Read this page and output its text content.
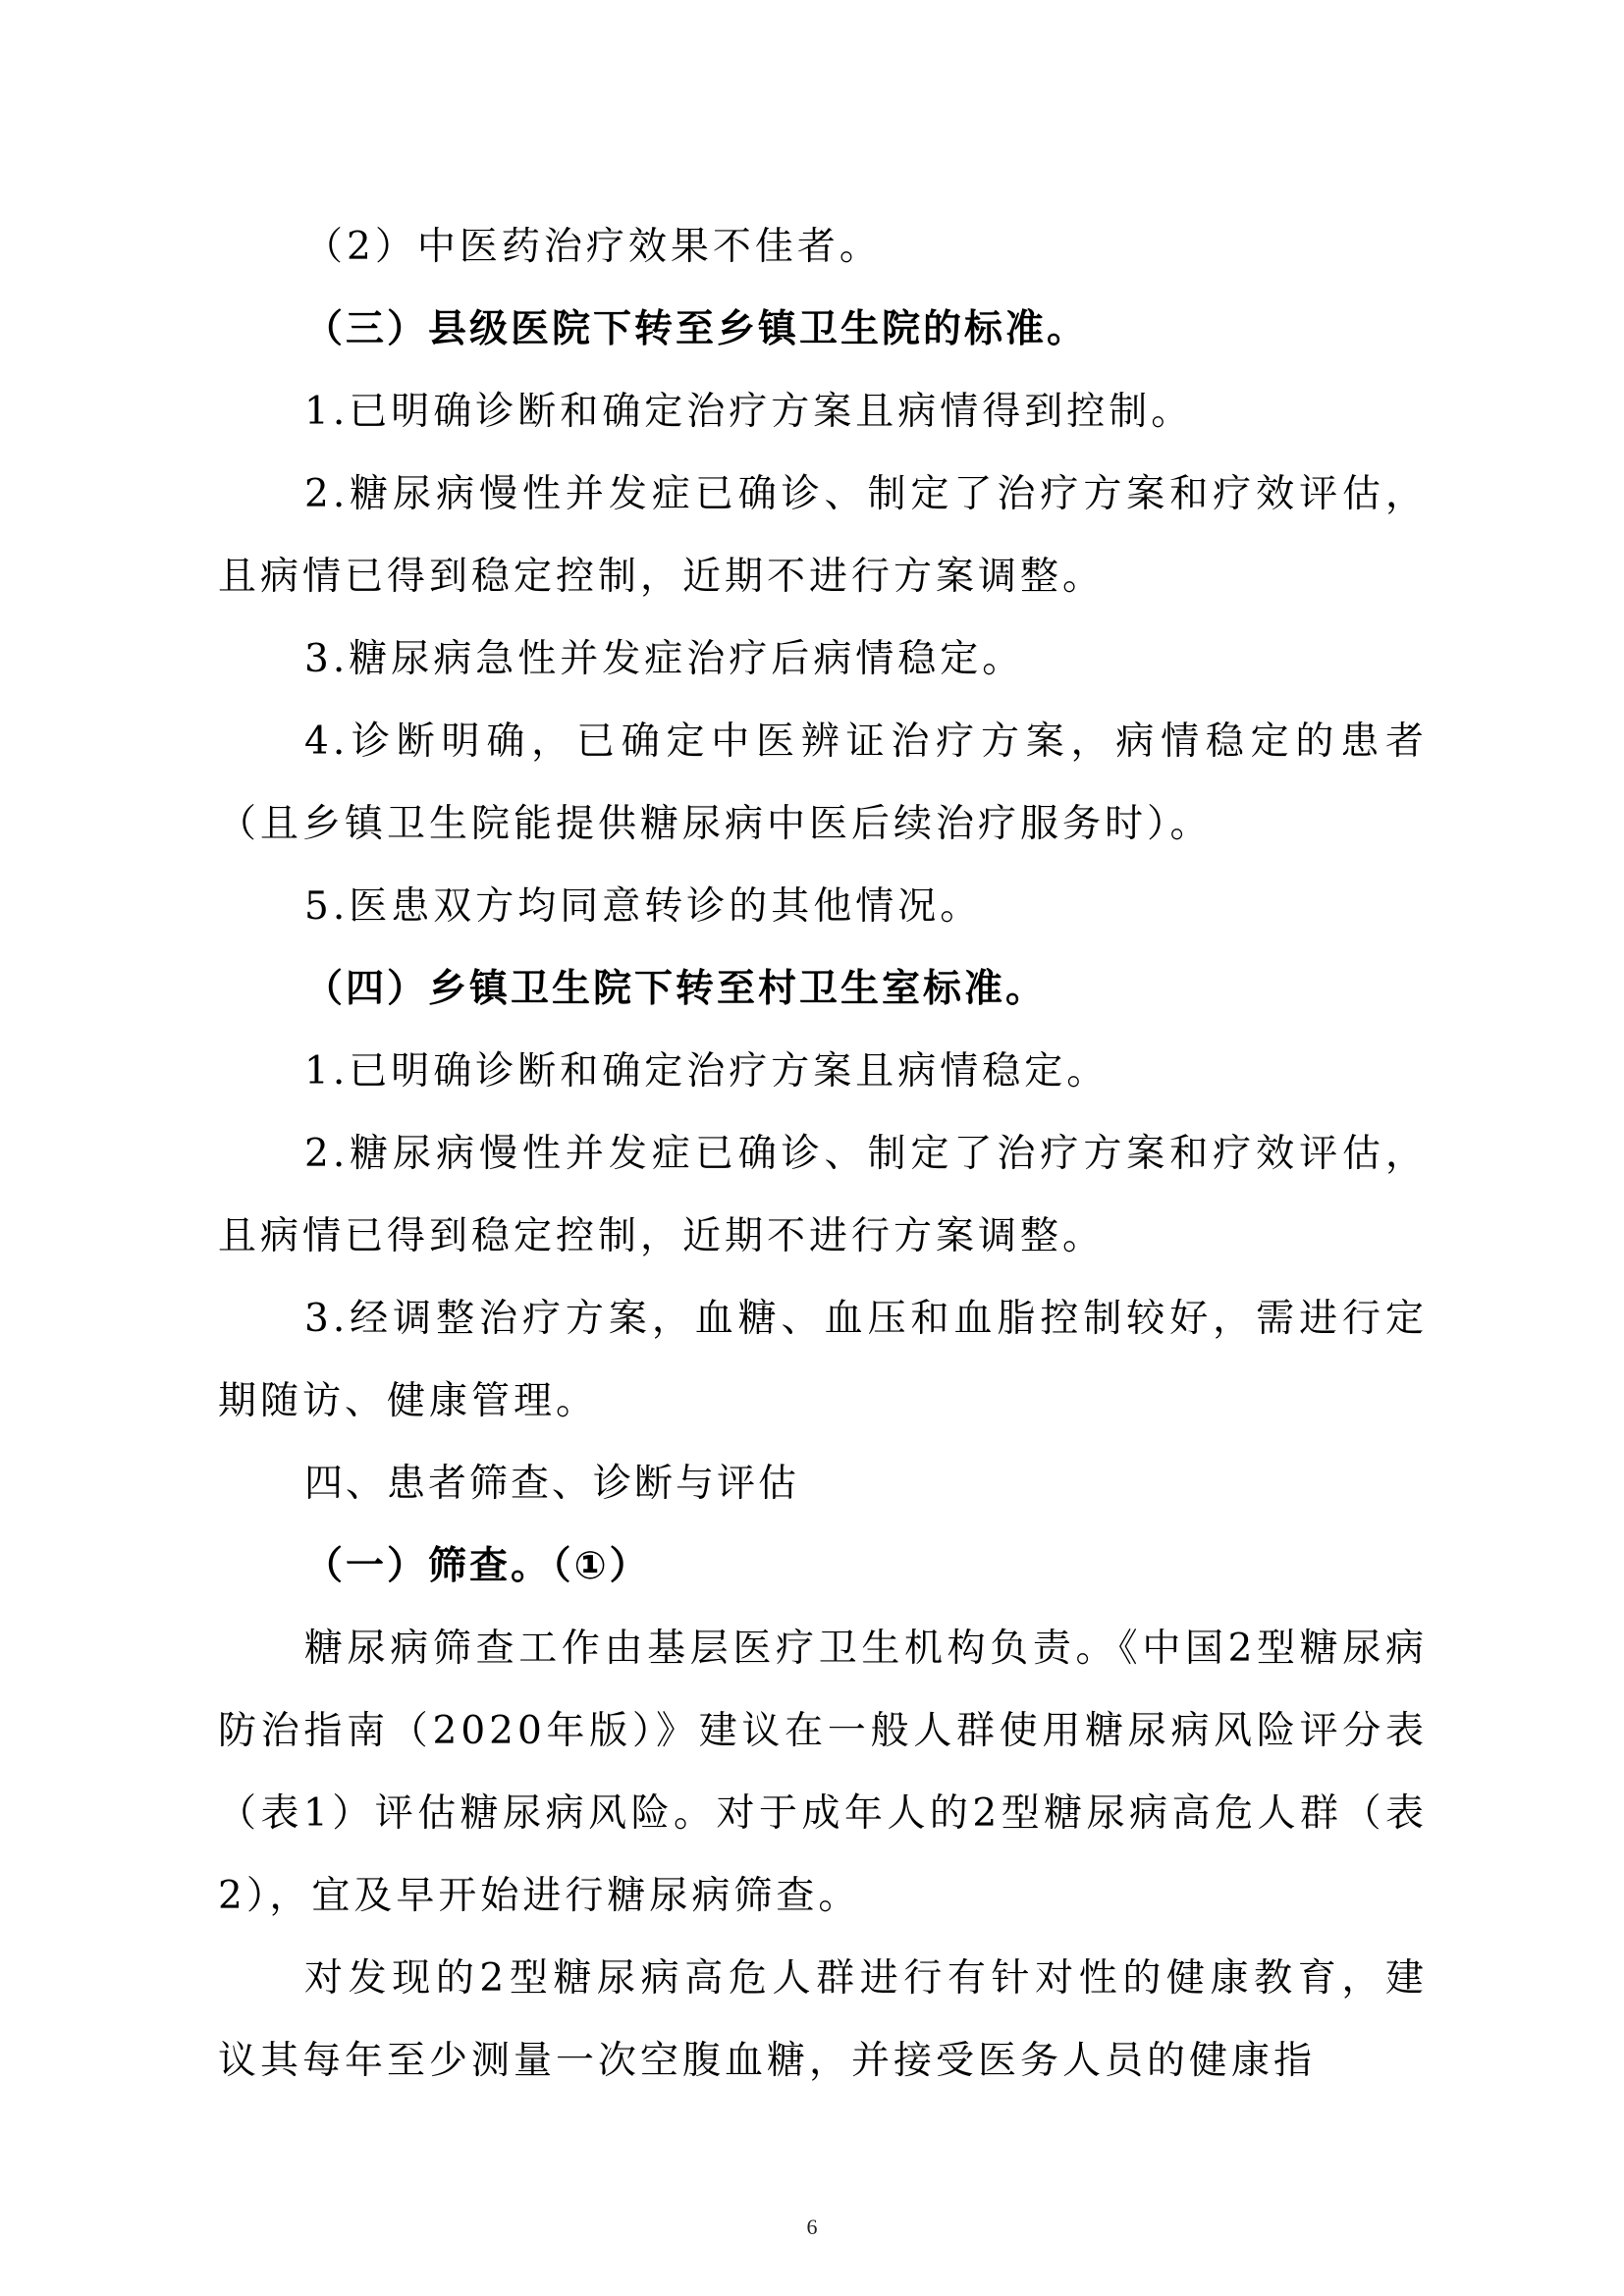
（2）中医药治疗效果不佳者。

（三）县级医院下转至乡镇卫生院的标准。

1.已明确诊断和确定治疗方案且病情得到控制。

2.糖尿病慢性并发症已确诊、制定了治疗方案和疗效评估，且病情已得到稳定控制，近期不进行方案调整。

3.糖尿病急性并发症治疗后病情稳定。

4.诊断明确，已确定中医辨证治疗方案，病情稳定的患者（且乡镇卫生院能提供糖尿病中医后续治疗服务时）。

5.医患双方均同意转诊的其他情况。

（四）乡镇卫生院下转至村卫生室标准。

1.已明确诊断和确定治疗方案且病情稳定。

2.糖尿病慢性并发症已确诊、制定了治疗方案和疗效评估，且病情已得到稳定控制，近期不进行方案调整。

3.经调整治疗方案，血糖、血压和血脂控制较好，需进行定期随访、健康管理。

四、患者筛查、诊断与评估

（一）筛查。（①）

糖尿病筛查工作由基层医疗卫生机构负责。《中国2型糖尿病防治指南（2020年版）》建议在一般人群使用糖尿病风险评分表（表1）评估糖尿病风险。对于成年人的2型糖尿病高危人群（表2），宜及早开始进行糖尿病筛查。

对发现的2型糖尿病高危人群进行有针对性的健康教育，建议其每年至少测量一次空腹血糖，并接受医务人员的健康指

6
